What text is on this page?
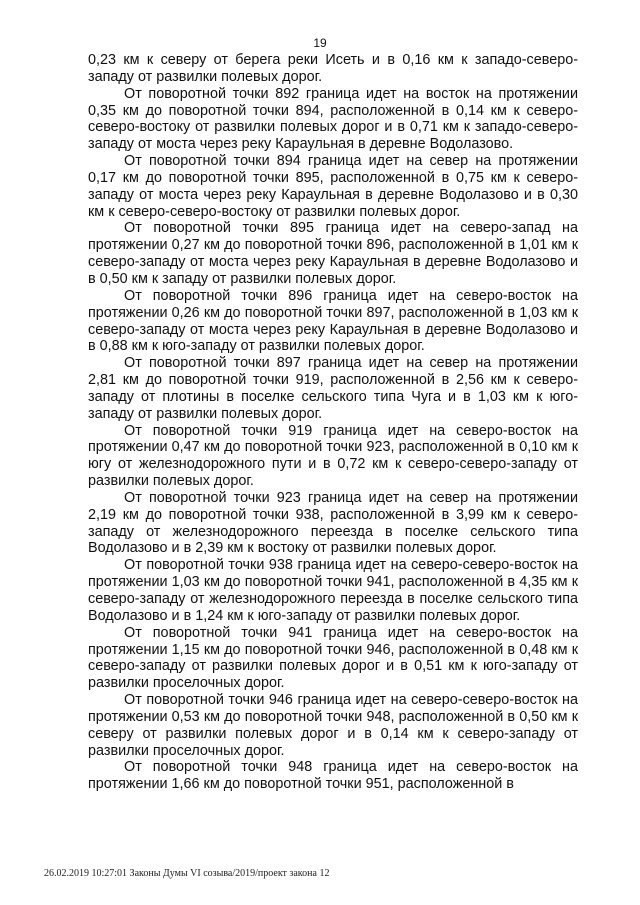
19

0,23 км к северу от берега реки Исеть и в 0,16 км к западо-северо-западу от развилки полевых дорог.

От поворотной точки 892 граница идет на восток на протяжении 0,35 км до поворотной точки 894, расположенной в 0,14 км к северо-северо-востоку от развилки полевых дорог и в 0,71 км к западо-северо-западу от моста через реку Караульная в деревне Водолазово.

От поворотной точки 894 граница идет на север на протяжении 0,17 км до поворотной точки 895, расположенной в 0,75 км к северо-западу от моста через реку Караульная в деревне Водолазово и в 0,30 км к северо-северо-востоку от развилки полевых дорог.

От поворотной точки 895 граница идет на северо-запад на протяжении 0,27 км до поворотной точки 896, расположенной в 1,01 км к северо-западу от моста через реку Караульная в деревне Водолазово и в 0,50 км к западу от развилки полевых дорог.

От поворотной точки 896 граница идет на северо-восток на протяжении 0,26 км до поворотной точки 897, расположенной в 1,03 км к северо-западу от моста через реку Караульная в деревне Водолазово и в 0,88 км к юго-западу от развилки полевых дорог.

От поворотной точки 897 граница идет на север на протяжении 2,81 км до поворотной точки 919, расположенной в 2,56 км к северо-западу от плотины в поселке сельского типа Чуга и в 1,03 км к юго-западу от развилки полевых дорог.

От поворотной точки 919 граница идет на северо-восток на протяжении 0,47 км до поворотной точки 923, расположенной в 0,10 км к югу от железнодорожного пути и в 0,72 км к северо-северо-западу от развилки полевых дорог.

От поворотной точки 923 граница идет на север на протяжении 2,19 км до поворотной точки 938, расположенной в 3,99 км к северо-западу от железнодорожного переезда в поселке сельского типа Водолазово и в 2,39 км к востоку от развилки полевых дорог.

От поворотной точки 938 граница идет на северо-северо-восток на протяжении 1,03 км до поворотной точки 941, расположенной в 4,35 км к северо-западу от железнодорожного переезда в поселке сельского типа Водолазово и в 1,24 км к юго-западу от развилки полевых дорог.

От поворотной точки 941 граница идет на северо-восток на протяжении 1,15 км до поворотной точки 946, расположенной в 0,48 км к северо-западу от развилки полевых дорог и в 0,51 км к юго-западу от развилки проселочных дорог.

От поворотной точки 946 граница идет на северо-северо-восток на протяжении 0,53 км до поворотной точки 948, расположенной в 0,50 км к северу от развилки полевых дорог и в 0,14 км к северо-западу от развилки проселочных дорог.

От поворотной точки 948 граница идет на северо-восток на протяжении 1,66 км до поворотной точки 951, расположенной в

26.02.2019 10:27:01 Законы Думы VI созыва/2019/проект закона 12
